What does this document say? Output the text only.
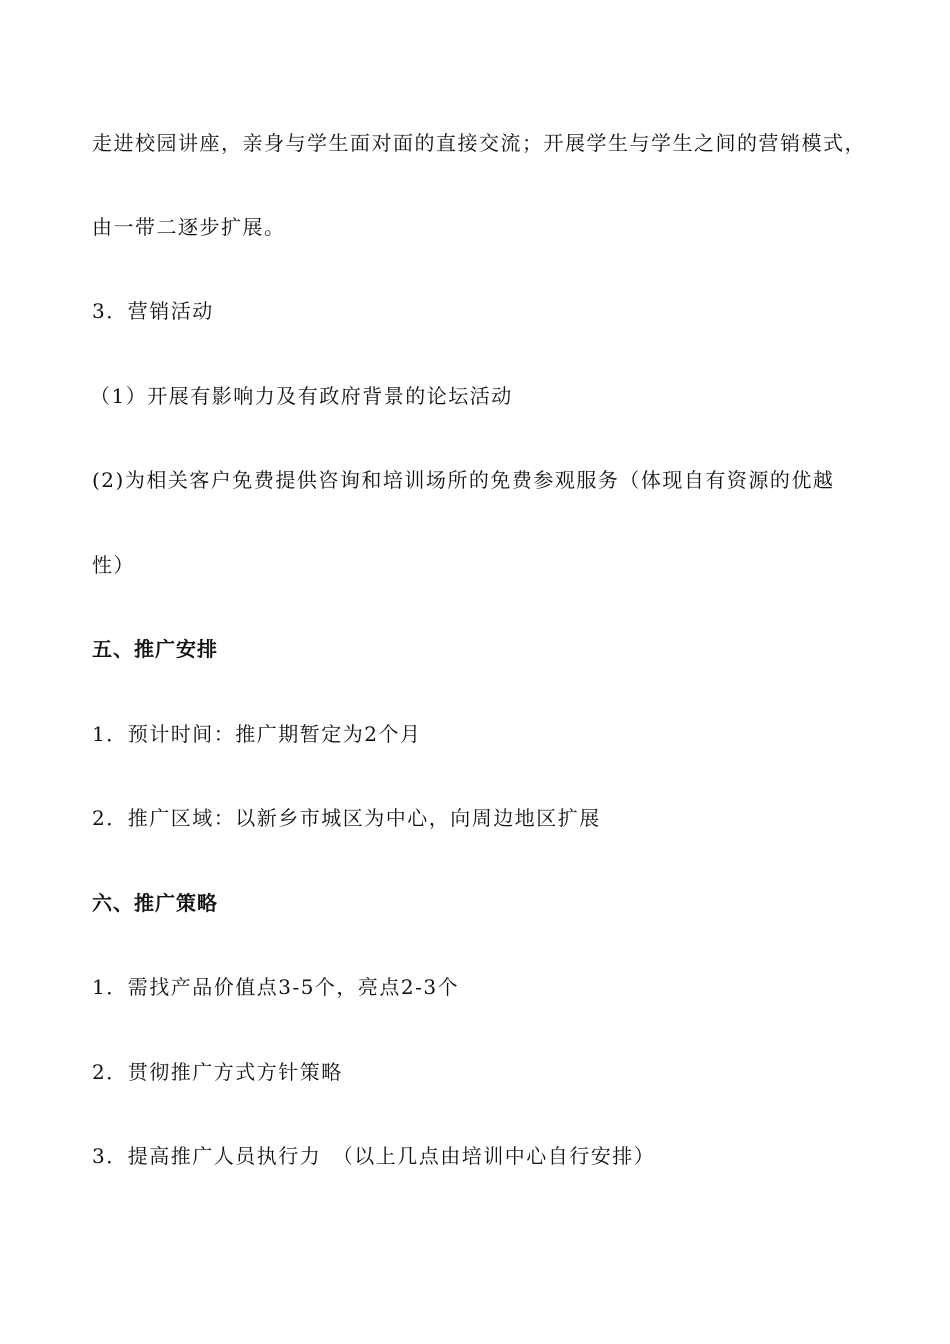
走进校园讲座，亲身与学生面对面的直接交流；开展学生与学生之间的营销模式，
由一带二逐步扩展。
3．营销活动
（1）开展有影响力及有政府背景的论坛活动
(2)为相关客户免费提供咨询和培训场所的免费参观服务（体现自有资源的优越
性）
五、推广安排
1．预计时间：推广期暂定为2个月
2．推广区域：以新乡市城区为中心，向周边地区扩展
六、推广策略
1．需找产品价值点3-5个，亮点2-3个
2．贯彻推广方式方针策略
3．提高推广人员执行力　（以上几点由培训中心自行安排）
